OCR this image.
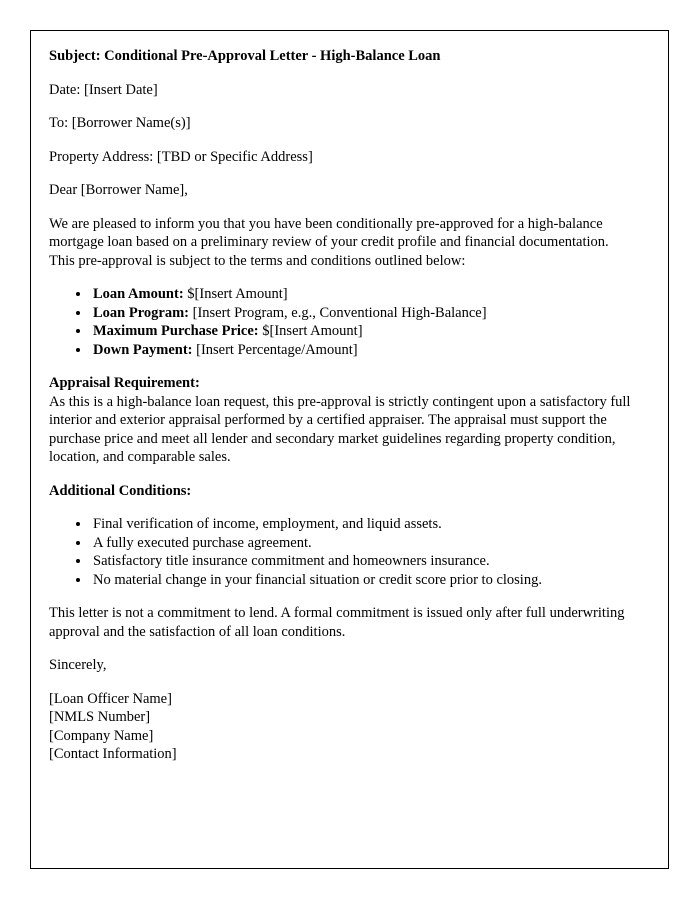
Subject: Conditional Pre-Approval Letter - High-Balance Loan

Date: [Insert Date]

To: [Borrower Name(s)]

Property Address: [TBD or Specific Address]

Dear [Borrower Name],

We are pleased to inform you that you have been conditionally pre-approved for a high-balance mortgage loan based on a preliminary review of your credit profile and financial documentation. This pre-approval is subject to the terms and conditions outlined below:

• Loan Amount: $[Insert Amount]
• Loan Program: [Insert Program, e.g., Conventional High-Balance]
• Maximum Purchase Price: $[Insert Amount]
• Down Payment: [Insert Percentage/Amount]

Appraisal Requirement:
As this is a high-balance loan request, this pre-approval is strictly contingent upon a satisfactory full interior and exterior appraisal performed by a certified appraiser. The appraisal must support the purchase price and meet all lender and secondary market guidelines regarding property condition, location, and comparable sales.

Additional Conditions:

• Final verification of income, employment, and liquid assets.
• A fully executed purchase agreement.
• Satisfactory title insurance commitment and homeowners insurance.
• No material change in your financial situation or credit score prior to closing.

This letter is not a commitment to lend. A formal commitment is issued only after full underwriting approval and the satisfaction of all loan conditions.

Sincerely,

[Loan Officer Name]
[NMLS Number]
[Company Name]
[Contact Information]
